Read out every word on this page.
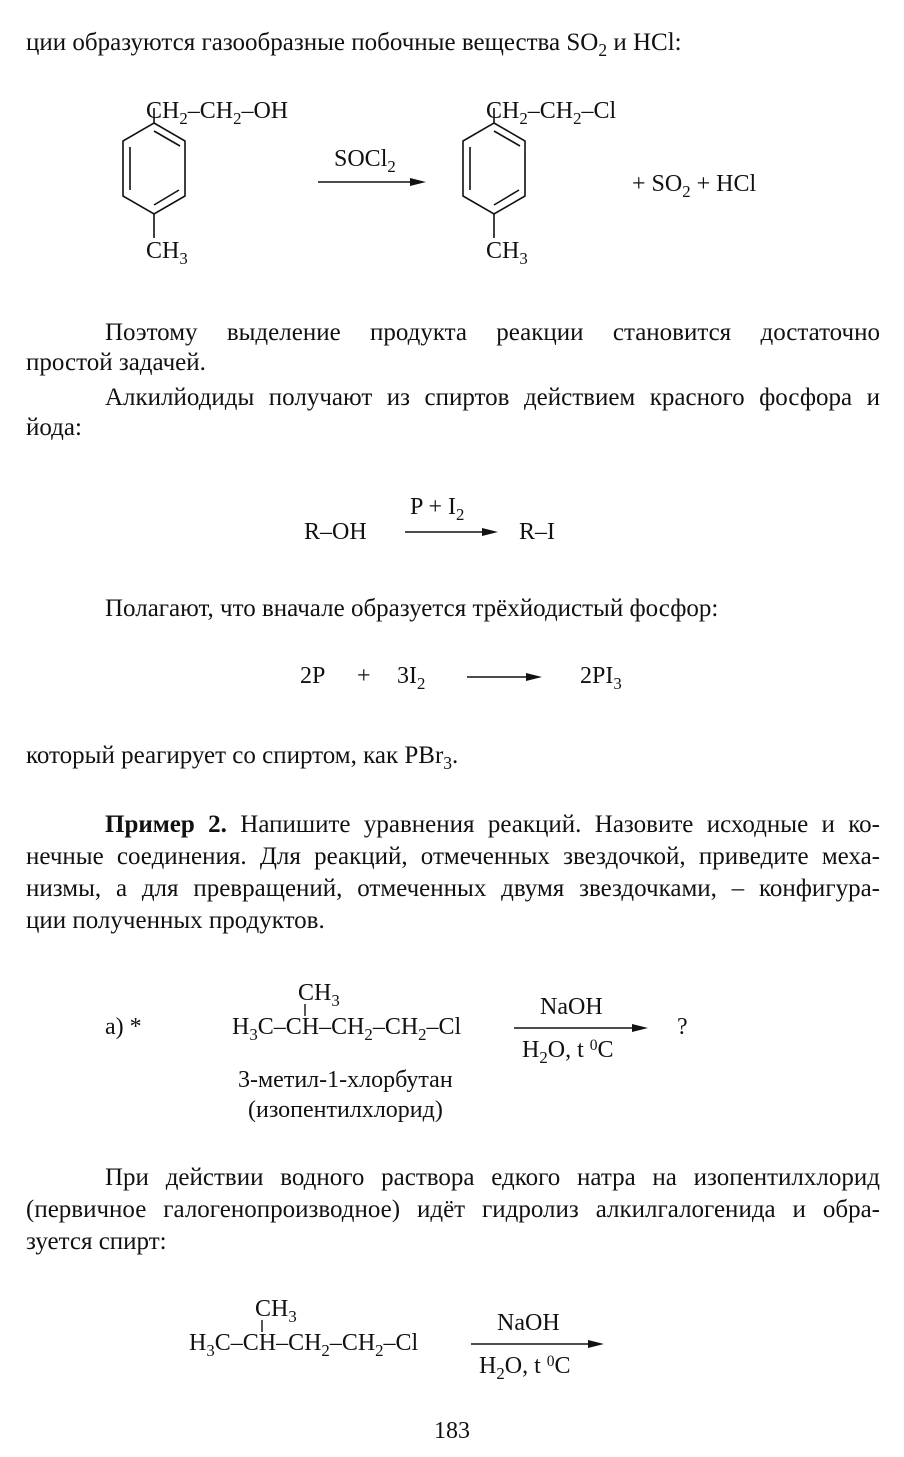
ции образуются газообразные побочные вещества $SO_2$ и HCl:
$CH_2-CH_2-OH$
$CH_3$
SOCl$_2$
$CH_2-CH_2-Cl$
$CH_3$
+ $SO_2$ + HCl
Поэтому выделение продукта реакции становится достаточно
простой задачей.
Алкилйодиды получают из спиртов действием красного фосфора и
йода:
R–OH
$P + I_2$
R–I
Полагают, что вначале образуется трёхйодистый фосфор:
$2P + 3I_2$	$2PI_3$
который реагирует со спиртом, как PBr$_3$.
Пример 2. Напишите уравнения реакций. Назовите исходные и ко-
нечные соединения. Для реакций, отмеченных звездочкой, приведите меха-
низмы, а для превращений, отмеченных двумя звездочками, – конфигура-
ции полученных продуктов.
а) *
$CH_3$
$H_3C-CH-CH_2-CH_2-Cl$
NaOH
$H_2O$, t $^0$C
?
3-метил-1-хлорбутан
(изопентилхлорид)
При действии водного раствора едкого натра на изопентилхлорид
(первичное галогенопроизводное) идёт гидролиз алкилгалогенида и обра-
зуется спирт:
$CH_3$
$H_3C-CH-CH_2-CH_2-Cl$
NaOH
$H_2O$, t $^0$C
183
